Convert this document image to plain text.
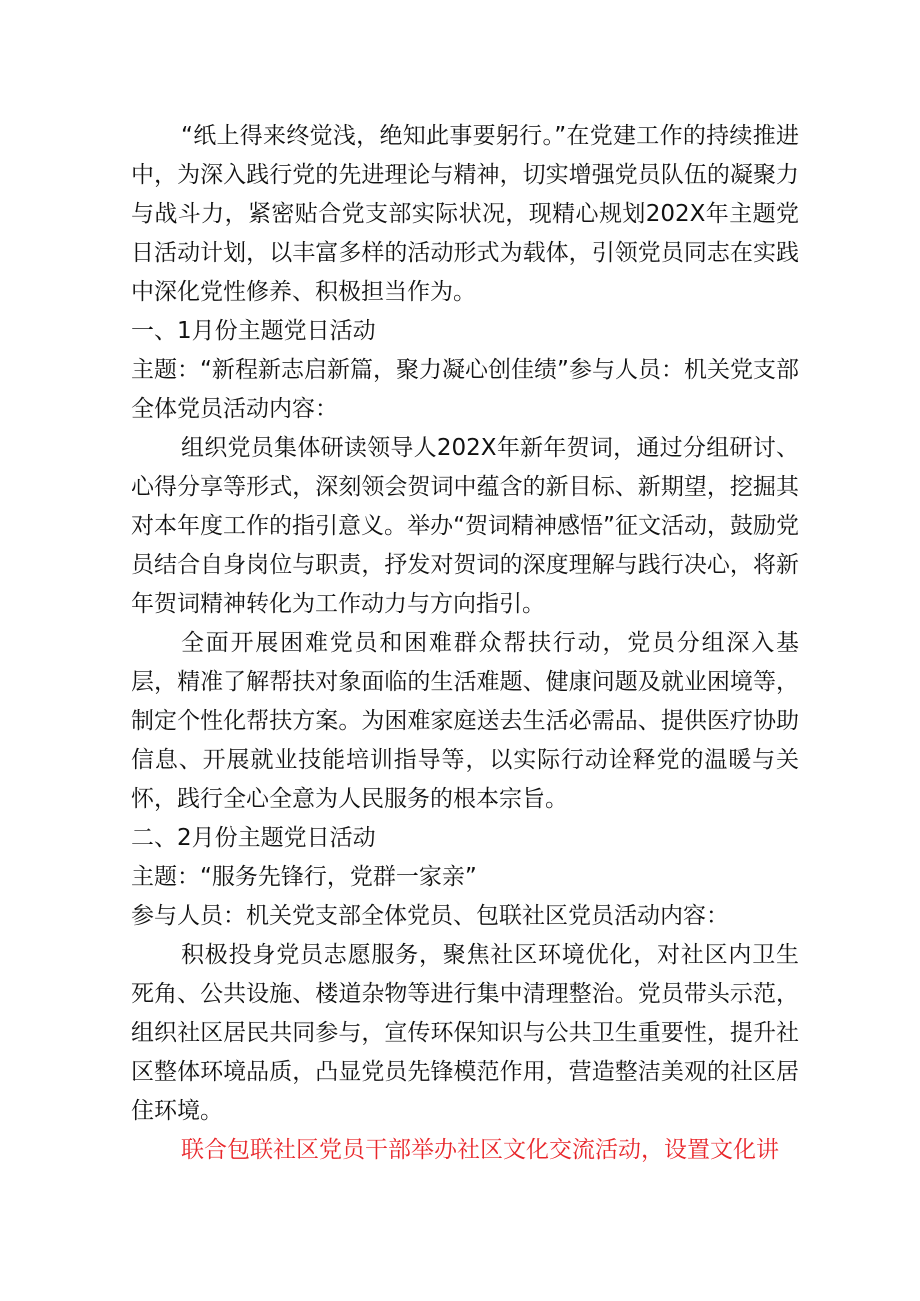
“纸上得来终觉浅，绝知此事要躬行。”在党建工作的持续推进中，为深入践行党的先进理论与精神，切实增强党员队伍的凝聚力与战斗力，紧密贴合党支部实际状况，现精心规划202X年主题党日活动计划，以丰富多样的活动形式为载体，引领党员同志在实践中深化党性修养、积极担当作为。

一、1月份主题党日活动

主题：“新程新志启新篇，聚力凝心创佳绩”参与人员：机关党支部全体党员活动内容：

组织党员集体研读领导人202X年新年贺词，通过分组研讨、心得分享等形式，深刻领会贺词中蕴含的新目标、新期望，挖掘其对本年度工作的指引意义。举办“贺词精神感悟”征文活动，鼓励党员结合自身岗位与职责，抒发对贺词的深度理解与践行决心，将新年贺词精神转化为工作动力与方向指引。

全面开展困难党员和困难群众帮扶行动，党员分组深入基层，精准了解帮扶对象面临的生活难题、健康问题及就业困境等，制定个性化帮扶方案。为困难家庭送去生活必需品、提供医疗协助信息、开展就业技能培训指导等，以实际行动诠释党的温暖与关怀，践行全心全意为人民服务的根本宗旨。

二、2月份主题党日活动

主题：“服务先锋行，党群一家亲”

参与人员：机关党支部全体党员、包联社区党员活动内容：

积极投身党员志愿服务，聚焦社区环境优化，对社区内卫生死角、公共设施、楼道杂物等进行集中清理整治。党员带头示范，组织社区居民共同参与，宣传环保知识与公共卫生重要性，提升社区整体环境品质，凸显党员先锋模范作用，营造整洁美观的社区居住环境。

联合包联社区党员干部举办社区文化交流活动，设置文化讲
